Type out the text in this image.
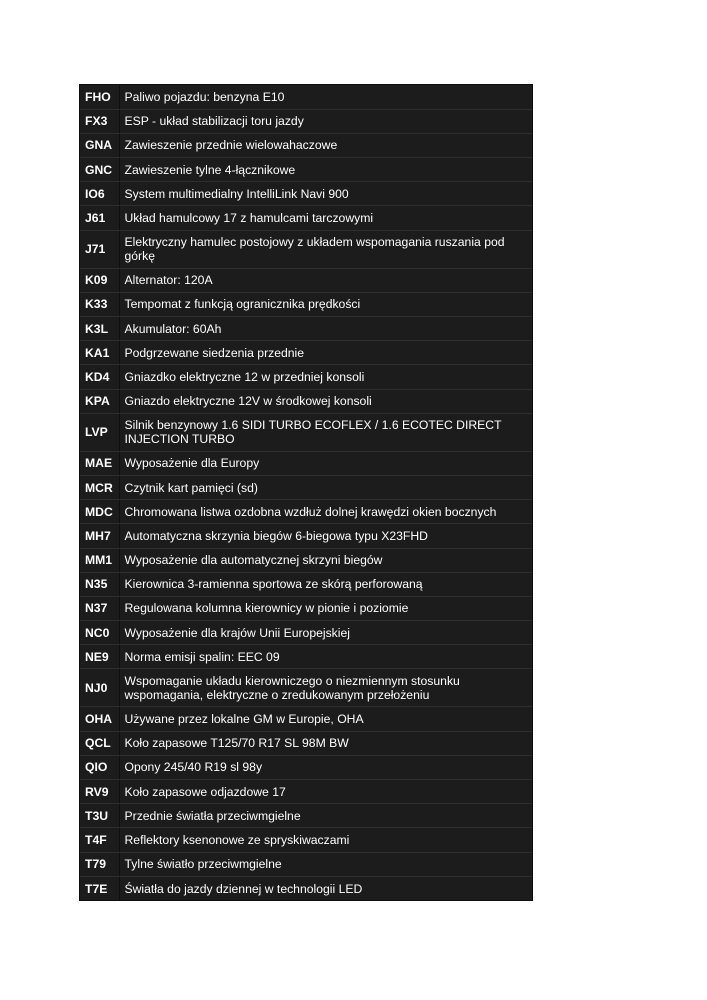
FHO	Paliwo pojazdu: benzyna E10
FX3	ESP - układ stabilizacji toru jazdy
GNA	Zawieszenie przednie wielowahaczowe
GNC	Zawieszenie tylne 4-łącznikowe
IO6	System multimedialny IntelliLink Navi 900
J61	Układ hamulcowy 17 z hamulcami tarczowymi
J71	Elektryczny hamulec postojowy z układem wspomagania ruszania pod górkę
K09	Alternator: 120A
K33	Tempomat z funkcją ogranicznika prędkości
K3L	Akumulator: 60Ah
KA1	Podgrzewane siedzenia przednie
KD4	Gniazdko elektryczne 12 w przedniej konsoli
KPA	Gniazdo elektryczne 12V w środkowej konsoli
LVP	Silnik benzynowy 1.6 SIDI TURBO ECOFLEX / 1.6 ECOTEC DIRECT INJECTION TURBO
MAE	Wyposażenie dla Europy
MCR	Czytnik kart pamięci (sd)
MDC	Chromowana listwa ozdobna wzdłuż dolnej krawędzi okien bocznych
MH7	Automatyczna skrzynia biegów 6-biegowa typu X23FHD
MM1	Wyposażenie dla automatycznej skrzyni biegów
N35	Kierownica 3-ramienna sportowa ze skórą perforowaną
N37	Regulowana kolumna kierownicy w pionie i poziomie
NC0	Wyposażenie dla krajów Unii Europejskiej
NE9	Norma emisji spalin: EEC 09
NJ0	Wspomaganie układu kierowniczego o niezmiennym stosunku wspomagania, elektryczne o zredukowanym przełożeniu
OHA	Używane przez lokalne GM w Europie, OHA
QCL	Koło zapasowe T125/70 R17 SL 98M BW
QIO	Opony 245/40 R19 sl 98y
RV9	Koło zapasowe odjazdowe 17
T3U	Przednie światła przeciwmgielne
T4F	Reflektory ksenonowe ze spryskiwaczami
T79	Tylne światło przeciwmgielne
T7E	Światła do jazdy dziennej w technologii LED
